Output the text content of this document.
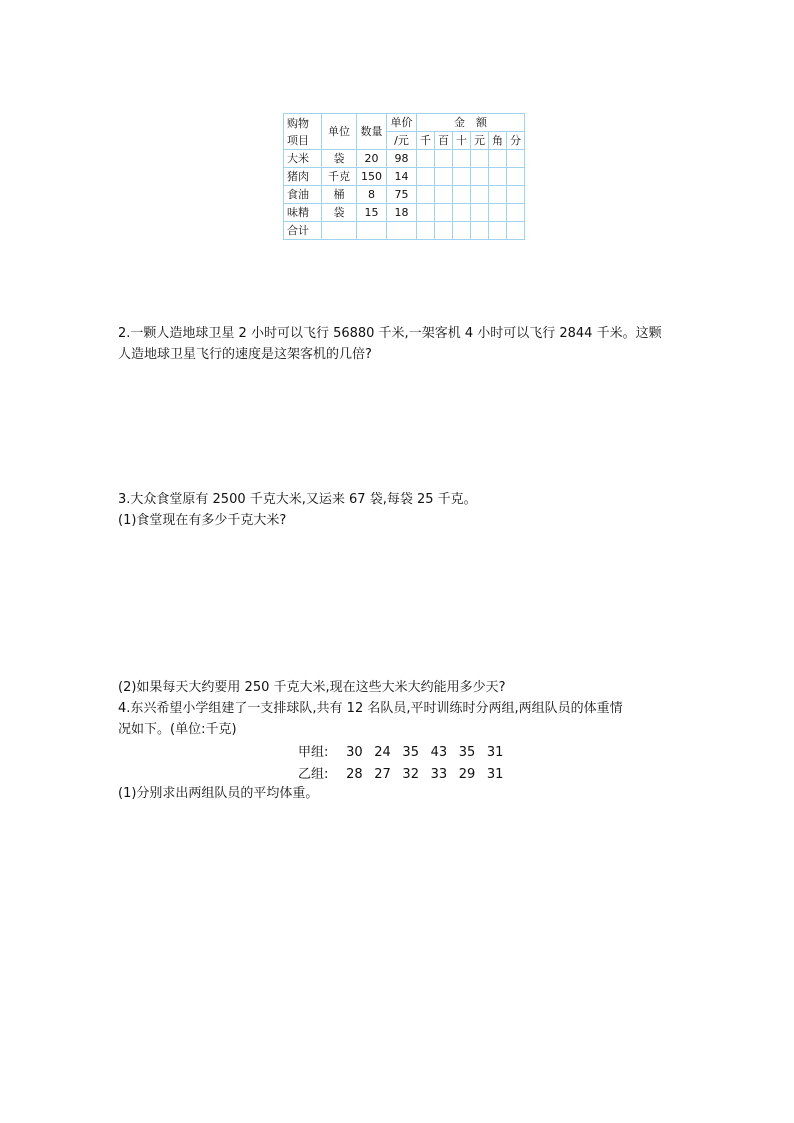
购物
项目	单位	数量	单价	金　额					
			/元	千	百	十	元	角	分
大米	袋	20	98						
猪肉	千克	150	14						
食油	桶	8	75						
味精	袋	15	18						
合计									

2.一颗人造地球卫星 2 小时可以飞行 56880 千米,一架客机 4 小时可以飞行 2844 千米。这颗
人造地球卫星飞行的速度是这架客机的几倍?

3.大众食堂原有 2500 千克大米,又运来 67 袋,每袋 25 千克。
(1)食堂现在有多少千克大米?

(2)如果每天大约要用 250 千克大米,现在这些大米大约能用多少天?

4.东兴希望小学组建了一支排球队,共有 12 名队员,平时训练时分两组,两组队员的体重情
况如下。(单位:千克)

甲组: 30 24 35 43 35 31
乙组: 28 27 32 33 29 31

(1)分别求出两组队员的平均体重。
